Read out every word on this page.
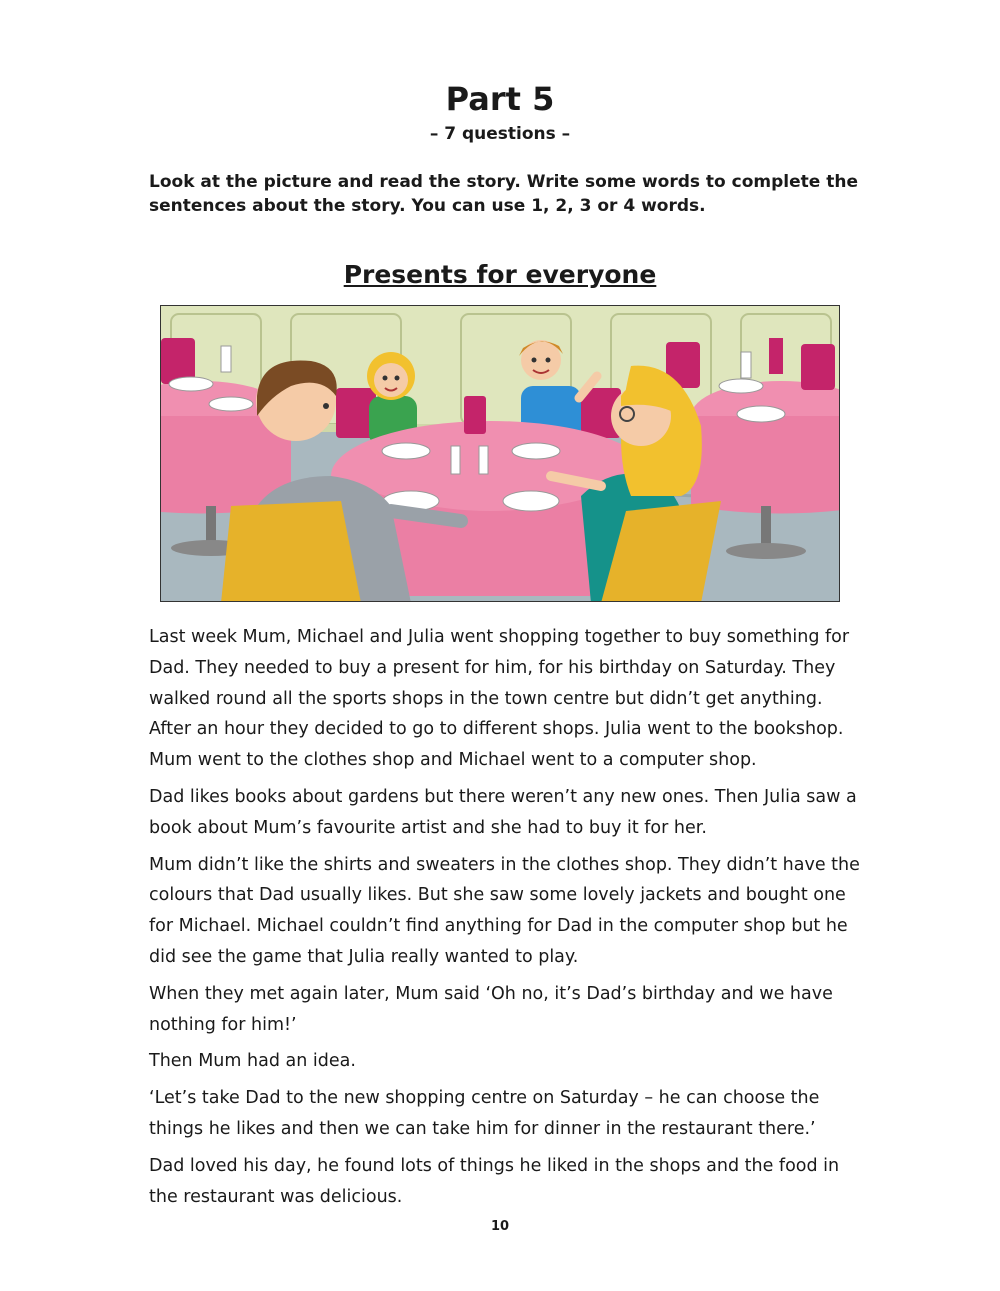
Part 5
– 7 questions –

Look at the picture and read the story. Write some words to complete the sentences about the story. You can use 1, 2, 3 or 4 words.

Presents for everyone

Last week Mum, Michael and Julia went shopping together to buy something for Dad. They needed to buy a present for him, for his birthday on Saturday. They walked round all the sports shops in the town centre but didn’t get anything. After an hour they decided to go to different shops. Julia went to the bookshop. Mum went to the clothes shop and Michael went to a computer shop.

Dad likes books about gardens but there weren’t any new ones. Then Julia saw a book about Mum’s favourite artist and she had to buy it for her.

Mum didn’t like the shirts and sweaters in the clothes shop. They didn’t have the colours that Dad usually likes. But she saw some lovely jackets and bought one for Michael. Michael couldn’t find anything for Dad in the computer shop but he did see the game that Julia really wanted to play.

When they met again later, Mum said ‘Oh no, it’s Dad’s birthday and we have nothing for him!’

Then Mum had an idea.

‘Let’s take Dad to the new shopping centre on Saturday – he can choose the things he likes and then we can take him for dinner in the restaurant there.’

Dad loved his day, he found lots of things he liked in the shops and the food in the restaurant was delicious.

10
